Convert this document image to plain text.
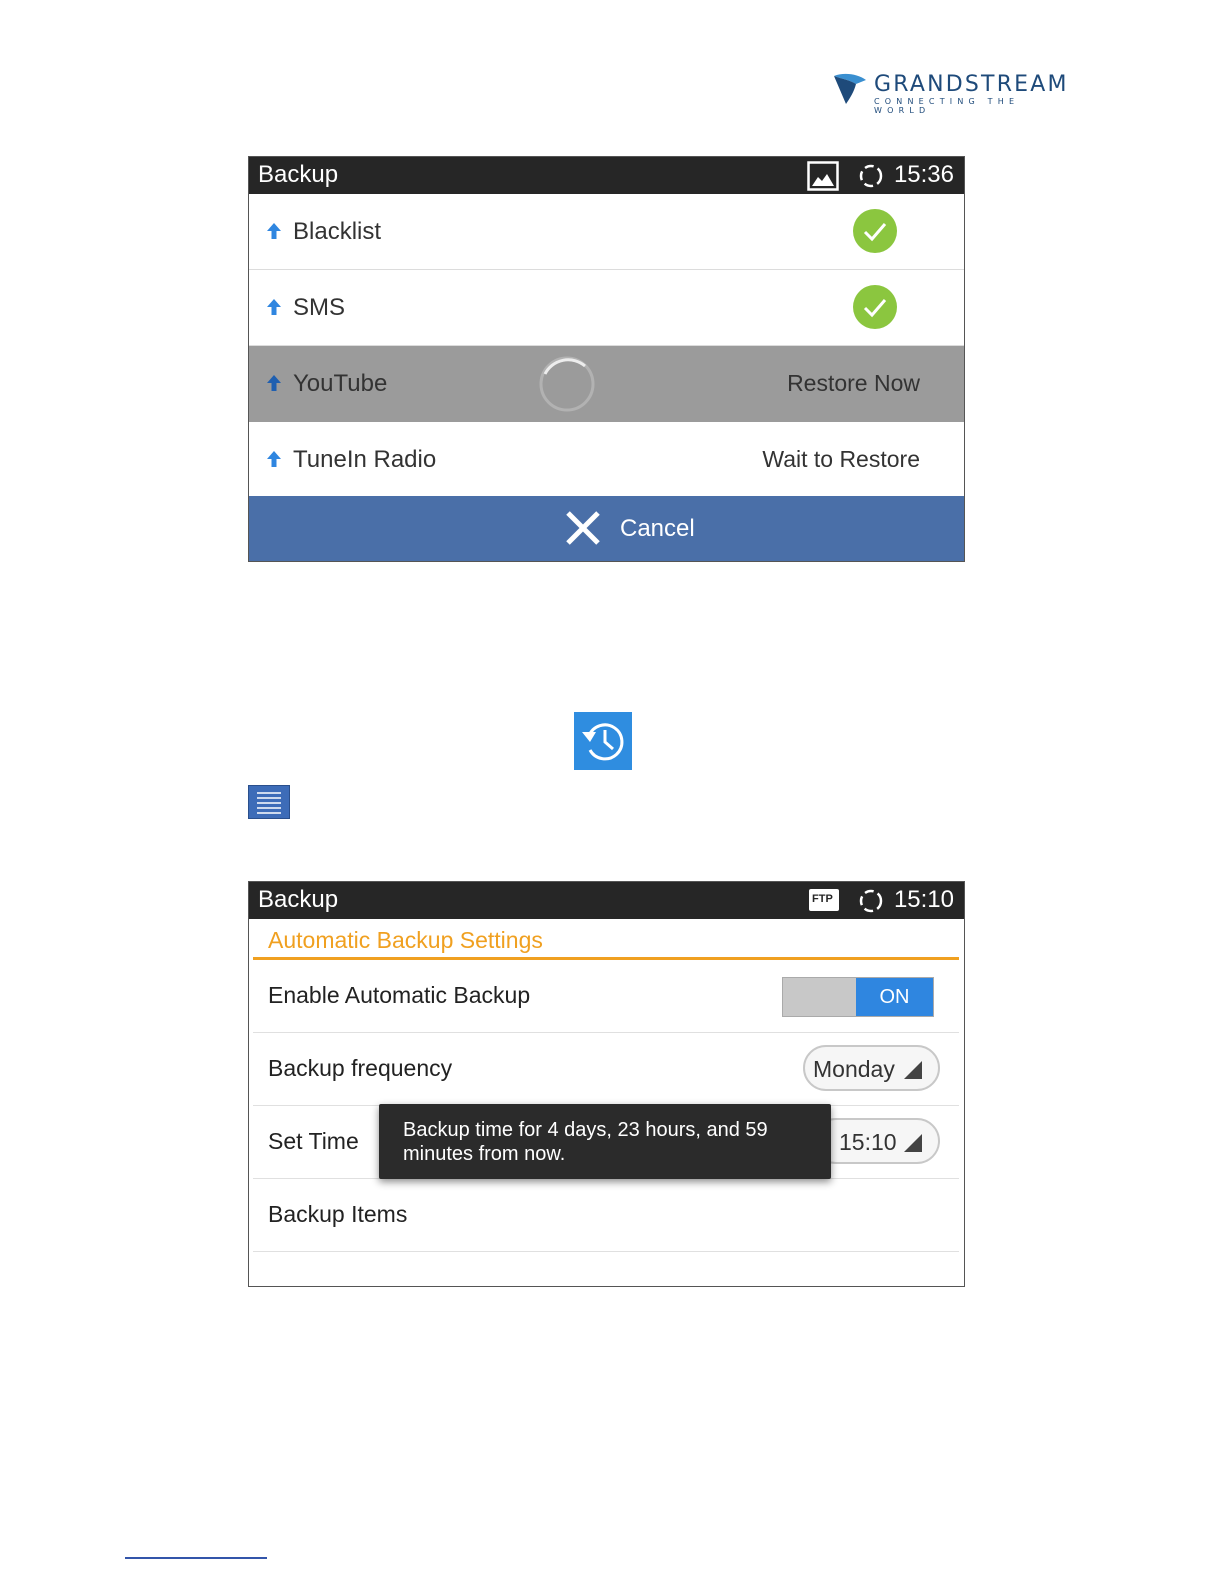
GRANDSTREAM
CONNECTING THE WORLD
Backup	15:36
Blacklist
SMS
YouTube	Restore Now
TuneIn Radio	Wait to Restore
Cancel
Backup	FTP	15:10
Automatic Backup Settings
Enable Automatic Backup	ON
Backup frequency	Monday
Set Time	15:10
Backup Items
Backup time for 4 days, 23 hours, and 59
minutes from now.
